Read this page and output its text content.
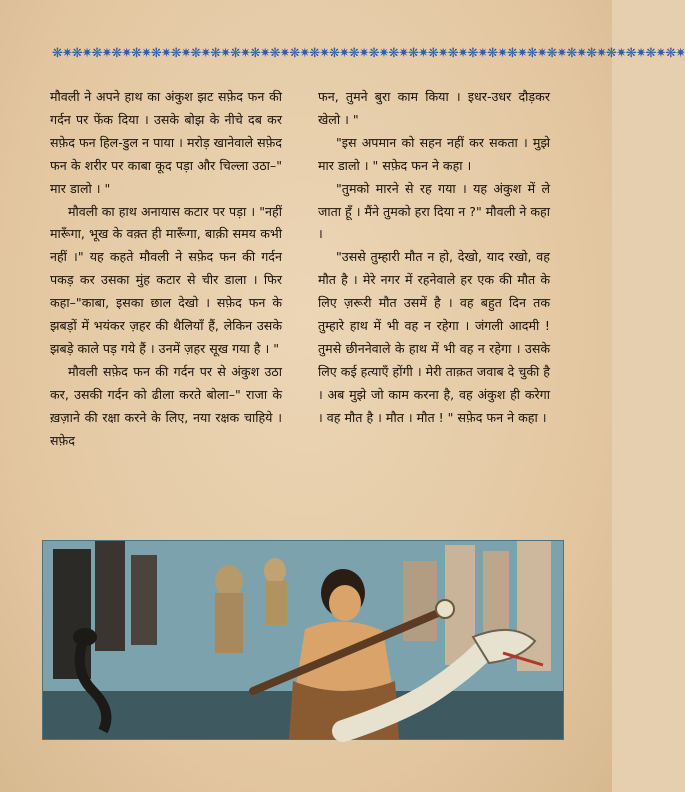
❋✷❋✷❋✷❋✷❋✷❋✷❋✷❋✷❋✷❋✷❋✷❋✷❋✷❋✷❋✷❋✷❋✷❋✷❋✷❋✷❋✷❋✷❋✷❋✷❋✷❋✷❋✷❋✷❋✷❋✷❋✷❋✷

मौवली ने अपने हाथ का अंकुश झट सफ़ेद फन की गर्दन पर फेंक दिया । उसके बोझ के नीचे दब कर सफ़ेद फन हिल-डुल न पाया । मरोड़ खानेवाले सफ़ेद फन के शरीर पर काबा कूद पड़ा और चिल्ला उठा–" मार डालो । "

मौवली का हाथ अनायास कटार पर पड़ा । "नहीं मारूँगा, भूख के वक़्त ही मारूँगा, बाक़ी समय कभी नहीं ।" यह कहते मौवली ने सफ़ेद फन की गर्दन पकड़ कर उसका मुंह कटार से चीर डाला । फिर कहा–"काबा, इसका छाल देखो । सफ़ेद फन के झबड़ों में भयंकर ज़हर की थैलियाँ हैं, लेकिन उसके झबड़े काले पड़ गये हैं । उनमें ज़हर सूख गया है । "

मौवली सफ़ेद फन की गर्दन पर से अंकुश उठा कर, उसकी गर्दन को ढीला करते बोला–" राजा के ख़ज़ाने की रक्षा करने के लिए, नया रक्षक चाहिये । सफ़ेद

फन, तुमने बुरा काम किया । इधर-उधर दौड़कर खेलो । "

"इस अपमान को सहन नहीं कर सकता । मुझे मार डालो । " सफ़ेद फन ने कहा ।

"तुमको मारने से रह गया । यह अंकुश में ले जाता हूँ । मैंने तुमको हरा दिया न ?" मौवली ने कहा ।

"उससे तुम्हारी मौत न हो, देखो, याद रखो, वह मौत है । मेरे नगर में रहनेवाले हर एक की मौत के लिए ज़रूरी मौत उसमें है । वह बहुत दिन तक तुम्हारे हाथ में भी वह न रहेगा । जंगली आदमी ! तुमसे छीननेवाले के हाथ में भी वह न रहेगा । उसके लिए कई हत्याएँ होंगी । मेरी ताक़त जवाब दे चुकी है । अब मुझे जो काम करना है, वह अंकुश ही करेगा । वह मौत है । मौत । मौत ! " सफ़ेद फन ने कहा ।
